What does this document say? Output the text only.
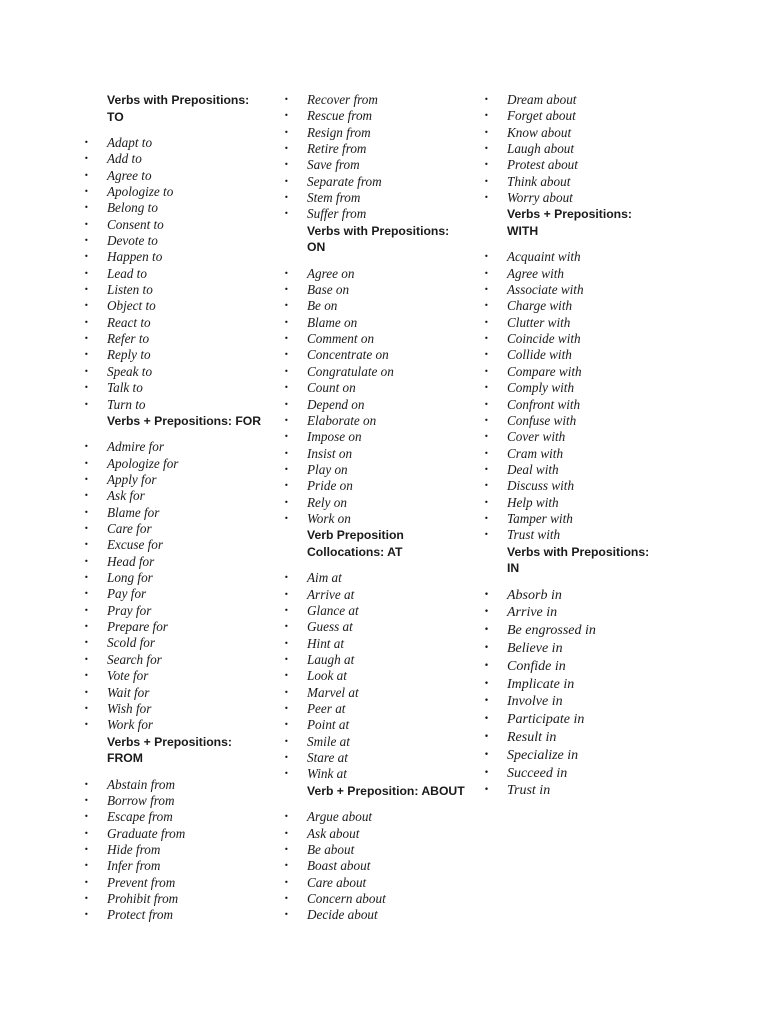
Verbs with Prepositions:
TO
• Adapt to
• Add to
• Agree to
• Apologize to
• Belong to
• Consent to
• Devote to
• Happen to
• Lead to
• Listen to
• Object to
• React to
• Refer to
• Reply to
• Speak to
• Talk to
• Turn to
Verbs + Prepositions: FOR
• Admire for
• Apologize for
• Apply for
• Ask for
• Blame for
• Care for
• Excuse for
• Head for
• Long for
• Pay for
• Pray for
• Prepare for
• Scold for
• Search for
• Vote for
• Wait for
• Wish for
• Work for
Verbs + Prepositions:
FROM
• Abstain from
• Borrow from
• Escape from
• Graduate from
• Hide from
• Infer from
• Prevent from
• Prohibit from
• Protect from
• Recover from
• Rescue from
• Resign from
• Retire from
• Save from
• Separate from
• Stem from
• Suffer from
Verbs with Prepositions:
ON
• Agree on
• Base on
• Be on
• Blame on
• Comment on
• Concentrate on
• Congratulate on
• Count on
• Depend on
• Elaborate on
• Impose on
• Insist on
• Play on
• Pride on
• Rely on
• Work on
Verb Preposition
Collocations: AT
• Aim at
• Arrive at
• Glance at
• Guess at
• Hint at
• Laugh at
• Look at
• Marvel at
• Peer at
• Point at
• Smile at
• Stare at
• Wink at
Verb + Preposition: ABOUT
• Argue about
• Ask about
• Be about
• Boast about
• Care about
• Concern about
• Decide about
• Dream about
• Forget about
• Know about
• Laugh about
• Protest about
• Think about
• Worry about
Verbs + Prepositions:
WITH
• Acquaint with
• Agree with
• Associate with
• Charge with
• Clutter with
• Coincide with
• Collide with
• Compare with
• Comply with
• Confront with
• Confuse with
• Cover with
• Cram with
• Deal with
• Discuss with
• Help with
• Tamper with
• Trust with
Verbs with Prepositions:
IN
• Absorb in
• Arrive in
• Be engrossed in
• Believe in
• Confide in
• Implicate in
• Involve in
• Participate in
• Result in
• Specialize in
• Succeed in
• Trust in
